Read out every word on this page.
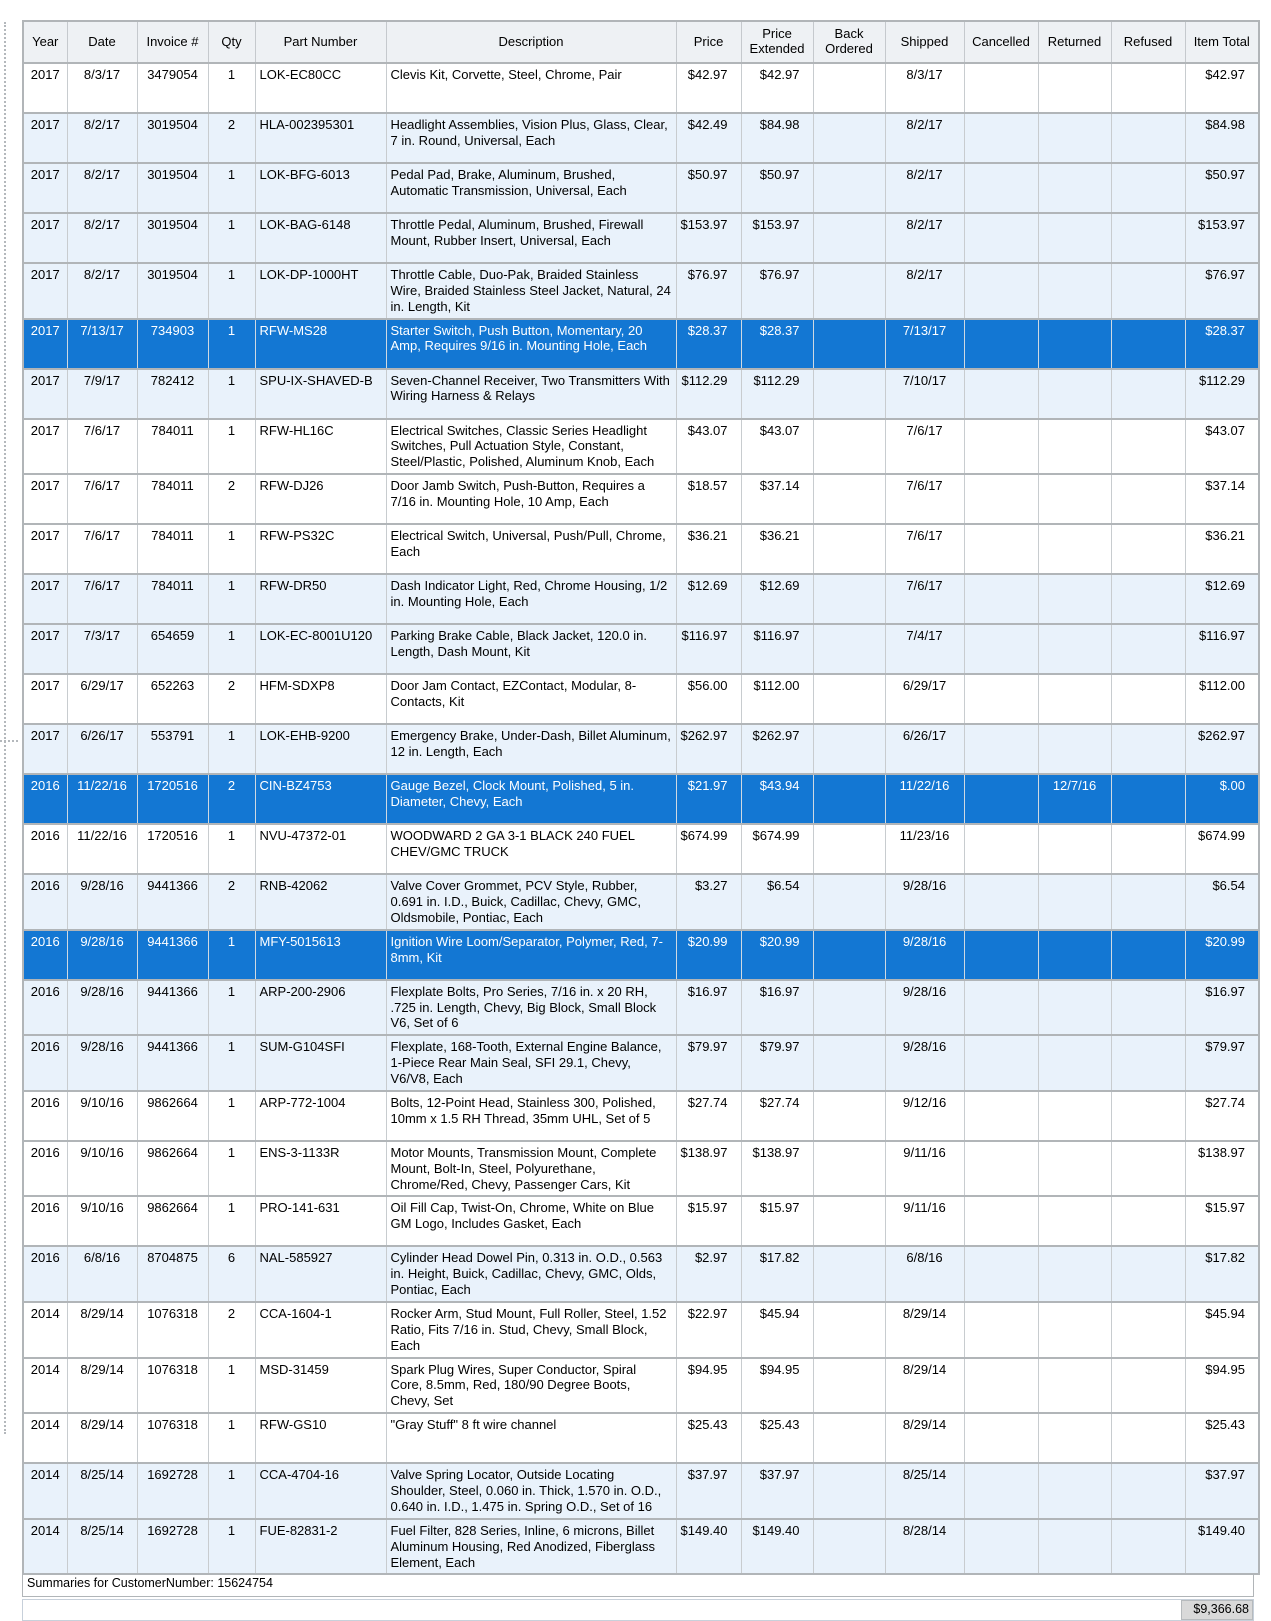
Year	Date	Invoice #	Qty	Part Number	Description	Price	Price Extended	Back Ordered	Shipped	Cancelled	Returned	Refused	Item Total
2017	8/3/17	3479054	1	LOK-EC80CC	Clevis Kit, Corvette, Steel, Chrome, Pair	$42.97	$42.97		8/3/17				$42.97
2017	8/2/17	3019504	2	HLA-002395301	Headlight Assemblies, Vision Plus, Glass, Clear, 7 in. Round, Universal, Each	$42.49	$84.98		8/2/17				$84.98
2017	8/2/17	3019504	1	LOK-BFG-6013	Pedal Pad, Brake, Aluminum, Brushed, Automatic Transmission, Universal, Each	$50.97	$50.97		8/2/17				$50.97
2017	8/2/17	3019504	1	LOK-BAG-6148	Throttle Pedal, Aluminum, Brushed, Firewall Mount, Rubber Insert, Universal, Each	$153.97	$153.97		8/2/17				$153.97
2017	8/2/17	3019504	1	LOK-DP-1000HT	Throttle Cable, Duo-Pak, Braided Stainless Wire, Braided Stainless Steel Jacket, Natural, 24 in. Length, Kit	$76.97	$76.97		8/2/17				$76.97
2017	7/13/17	734903	1	RFW-MS28	Starter Switch, Push Button, Momentary, 20 Amp, Requires 9/16 in. Mounting Hole, Each	$28.37	$28.37		7/13/17				$28.37
2017	7/9/17	782412	1	SPU-IX-SHAVED-B	Seven-Channel Receiver, Two Transmitters With Wiring Harness & Relays	$112.29	$112.29		7/10/17				$112.29
2017	7/6/17	784011	1	RFW-HL16C	Electrical Switches, Classic Series Headlight Switches, Pull Actuation Style, Constant, Steel/Plastic, Polished, Aluminum Knob, Each	$43.07	$43.07		7/6/17				$43.07
2017	7/6/17	784011	2	RFW-DJ26	Door Jamb Switch, Push-Button, Requires a 7/16 in. Mounting Hole, 10 Amp, Each	$18.57	$37.14		7/6/17				$37.14
2017	7/6/17	784011	1	RFW-PS32C	Electrical Switch, Universal, Push/Pull, Chrome, Each	$36.21	$36.21		7/6/17				$36.21
2017	7/6/17	784011	1	RFW-DR50	Dash Indicator Light, Red, Chrome Housing, 1/2 in. Mounting Hole, Each	$12.69	$12.69		7/6/17				$12.69
2017	7/3/17	654659	1	LOK-EC-8001U120	Parking Brake Cable, Black Jacket, 120.0 in. Length, Dash Mount, Kit	$116.97	$116.97		7/4/17				$116.97
2017	6/29/17	652263	2	HFM-SDXP8	Door Jam Contact, EZContact, Modular, 8-Contacts, Kit	$56.00	$112.00		6/29/17				$112.00
2017	6/26/17	553791	1	LOK-EHB-9200	Emergency Brake, Under-Dash, Billet Aluminum, 12 in. Length, Each	$262.97	$262.97		6/26/17				$262.97
2016	11/22/16	1720516	2	CIN-BZ4753	Gauge Bezel, Clock Mount, Polished, 5 in. Diameter, Chevy, Each	$21.97	$43.94		11/22/16		12/7/16		$.00
2016	11/22/16	1720516	1	NVU-47372-01	WOODWARD 2 GA 3-1 BLACK 240 FUEL CHEV/GMC TRUCK	$674.99	$674.99		11/23/16				$674.99
2016	9/28/16	9441366	2	RNB-42062	Valve Cover Grommet, PCV Style, Rubber, 0.691 in. I.D., Buick, Cadillac, Chevy, GMC, Oldsmobile, Pontiac, Each	$3.27	$6.54		9/28/16				$6.54
2016	9/28/16	9441366	1	MFY-5015613	Ignition Wire Loom/Separator, Polymer, Red, 7-8mm, Kit	$20.99	$20.99		9/28/16				$20.99
2016	9/28/16	9441366	1	ARP-200-2906	Flexplate Bolts, Pro Series, 7/16 in. x 20 RH, .725 in. Length, Chevy, Big Block, Small Block V6, Set of 6	$16.97	$16.97		9/28/16				$16.97
2016	9/28/16	9441366	1	SUM-G104SFI	Flexplate, 168-Tooth, External Engine Balance, 1-Piece Rear Main Seal, SFI 29.1, Chevy, V6/V8, Each	$79.97	$79.97		9/28/16				$79.97
2016	9/10/16	9862664	1	ARP-772-1004	Bolts, 12-Point Head, Stainless 300, Polished, 10mm x 1.5 RH Thread, 35mm UHL, Set of 5	$27.74	$27.74		9/12/16				$27.74
2016	9/10/16	9862664	1	ENS-3-1133R	Motor Mounts, Transmission Mount, Complete Mount, Bolt-In, Steel, Polyurethane, Chrome/Red, Chevy, Passenger Cars, Kit	$138.97	$138.97		9/11/16				$138.97
2016	9/10/16	9862664	1	PRO-141-631	Oil Fill Cap, Twist-On, Chrome, White on Blue GM Logo, Includes Gasket, Each	$15.97	$15.97		9/11/16				$15.97
2016	6/8/16	8704875	6	NAL-585927	Cylinder Head Dowel Pin, 0.313 in. O.D., 0.563 in. Height, Buick, Cadillac, Chevy, GMC, Olds, Pontiac, Each	$2.97	$17.82		6/8/16				$17.82
2014	8/29/14	1076318	2	CCA-1604-1	Rocker Arm, Stud Mount, Full Roller, Steel, 1.52 Ratio, Fits 7/16 in. Stud, Chevy, Small Block, Each	$22.97	$45.94		8/29/14				$45.94
2014	8/29/14	1076318	1	MSD-31459	Spark Plug Wires, Super Conductor, Spiral Core, 8.5mm, Red, 180/90 Degree Boots, Chevy, Set	$94.95	$94.95		8/29/14				$94.95
2014	8/29/14	1076318	1	RFW-GS10	"Gray Stuff" 8 ft wire channel	$25.43	$25.43		8/29/14				$25.43
2014	8/25/14	1692728	1	CCA-4704-16	Valve Spring Locator, Outside Locating Shoulder, Steel, 0.060 in. Thick, 1.570 in. O.D., 0.640 in. I.D., 1.475 in. Spring O.D., Set of 16	$37.97	$37.97		8/25/14				$37.97
2014	8/25/14	1692728	1	FUE-82831-2	Fuel Filter, 828 Series, Inline, 6 microns, Billet Aluminum Housing, Red Anodized, Fiberglass Element, Each	$149.40	$149.40		8/28/14				$149.40
Summaries for CustomerNumber: 15624754
$9,366.68
